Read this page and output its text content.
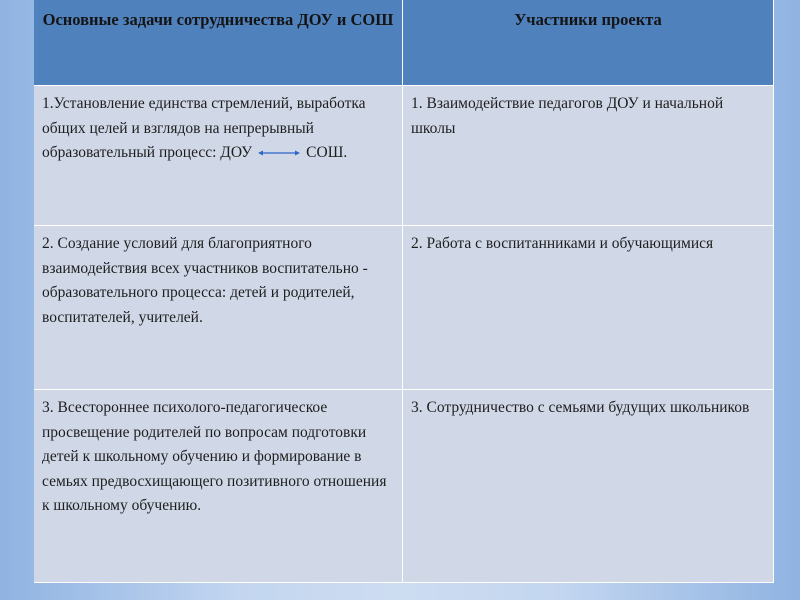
Основные задачи сотрудничества ДОУ и СОШ	Участники проекта
1.Установление единства стремлений, выработка общих целей и взглядов на непрерывный образовательный процесс: ДОУ	СОШ.
1. Взаимодействие педагогов ДОУ и начальной школы
2. Создание условий для благоприятного взаимодействия всех участников воспитательно - образовательного процесса: детей и родителей, воспитателей, учителей.
2. Работа с воспитанниками и обучающимися
3. Всестороннее психолого-педагогическое просвещение родителей по вопросам подготовки детей к школьному обучению и формирование в семьях предвосхищающего позитивного отношения к школьному обучению.
3. Сотрудничество с семьями будущих школьников
